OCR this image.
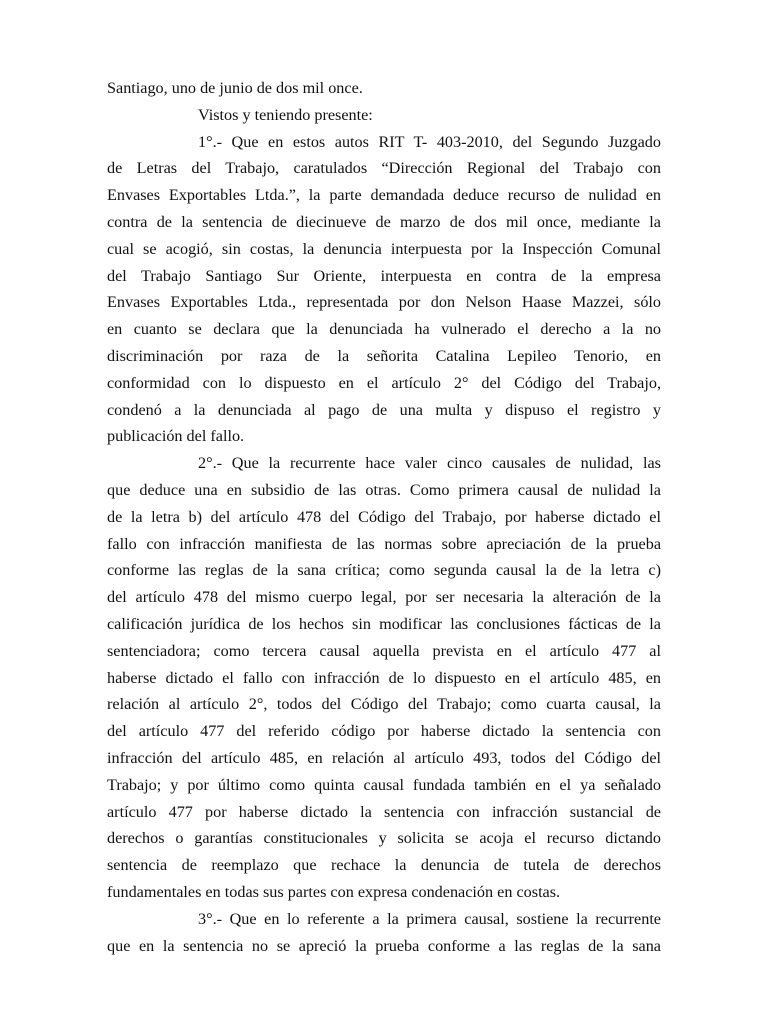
Santiago, uno de junio de dos mil once.
Vistos y teniendo presente:
1°.- Que en estos autos RIT T- 403-2010, del Segundo Juzgado
de Letras del Trabajo, caratulados “Dirección Regional del Trabajo con
Envases Exportables Ltda.”, la parte demandada deduce recurso de nulidad en
contra de la sentencia de diecinueve de marzo de dos mil once, mediante la
cual se acogió, sin costas, la denuncia interpuesta por la Inspección Comunal
del Trabajo Santiago Sur Oriente, interpuesta en contra de la empresa
Envases Exportables Ltda., representada por don Nelson Haase Mazzei, sólo
en cuanto se declara que la denunciada ha vulnerado el derecho a la no
discriminación por raza de la señorita Catalina Lepileo Tenorio, en
conformidad con lo dispuesto en el artículo 2° del Código del Trabajo,
condenó a la denunciada al pago de una multa y dispuso el registro y
publicación del fallo.
2°.- Que la recurrente hace valer cinco causales de nulidad, las
que deduce una en subsidio de las otras. Como primera causal de nulidad la
de la letra b) del artículo 478 del Código del Trabajo, por haberse dictado el
fallo con infracción manifiesta de las normas sobre apreciación de la prueba
conforme las reglas de la sana crítica; como segunda causal la de la letra c)
del artículo 478 del mismo cuerpo legal, por ser necesaria la alteración de la
calificación jurídica de los hechos sin modificar las conclusiones fácticas de la
sentenciadora; como tercera causal aquella prevista en el artículo 477 al
haberse dictado el fallo con infracción de lo dispuesto en el artículo 485, en
relación al artículo 2°, todos del Código del Trabajo; como cuarta causal, la
del artículo 477 del referido código por haberse dictado la sentencia con
infracción del artículo 485, en relación al artículo 493, todos del Código del
Trabajo; y por último como quinta causal fundada también en el ya señalado
artículo 477 por haberse dictado la sentencia con infracción sustancial de
derechos o garantías constitucionales y solicita se acoja el recurso dictando
sentencia de reemplazo que rechace la denuncia de tutela de derechos
fundamentales en todas sus partes con expresa condenación en costas.
3°.- Que en lo referente a la primera causal, sostiene la recurrente
que en la sentencia no se apreció la prueba conforme a las reglas de la sana
